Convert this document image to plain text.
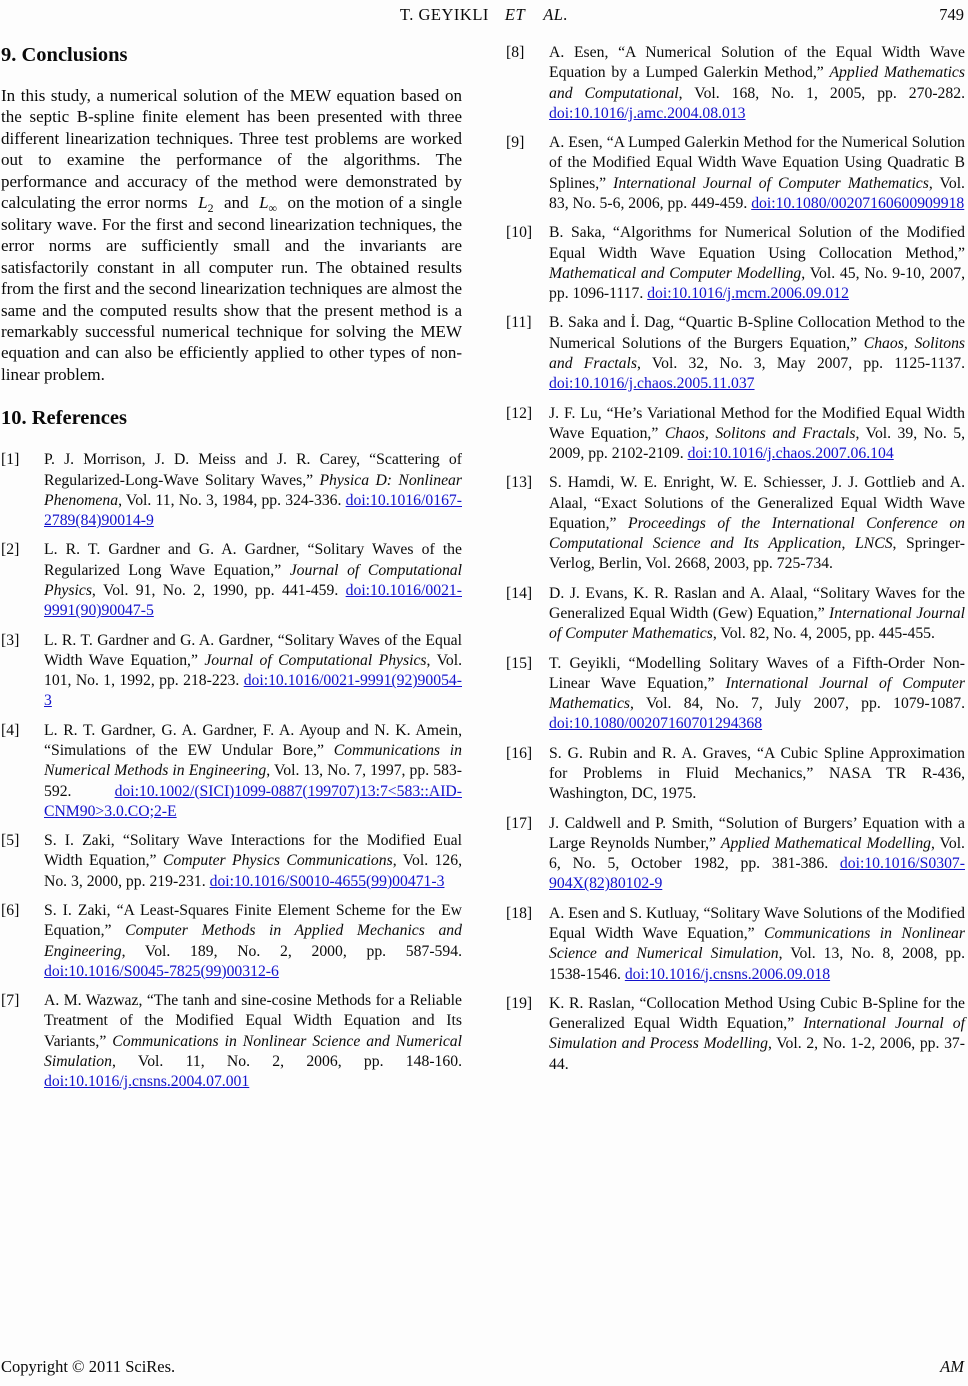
T. GEYIKLI ET AL.	749
9. Conclusions

In this study, a numerical solution of the MEW equation based on the septic B-spline finite element has been presented with three different linearization techniques. Three test problems are worked out to examine the performance of the algorithms. The performance and accuracy of the method were demonstrated by calculating the error norms  L2  and  L∞  on the motion of a single solitary wave. For the first and second linearization techniques, the error norms are sufficiently small and the invariants are satisfactorily constant in all computer run. The obtained results from the first and the second linearization techniques are almost the same and the computed results show that the present method is a remarkably successful numerical technique for solving the MEW equation and can also be efficiently applied to other types of non-linear problem.

10. References
[1] P. J. Morrison, J. D. Meiss and J. R. Carey, “Scattering of Regularized-Long-Wave Solitary Waves,” Physica D: Nonlinear Phenomena, Vol. 11, No. 3, 1984, pp. 324-336. doi:10.1016/0167-2789(84)90014-9
[2] L. R. T. Gardner and G. A. Gardner, “Solitary Waves of the Regularized Long Wave Equation,” Journal of Computational Physics, Vol. 91, No. 2, 1990, pp. 441-459. doi:10.1016/0021-9991(90)90047-5
[3] L. R. T. Gardner and G. A. Gardner, “Solitary Waves of the Equal Width Wave Equation,” Journal of Computational Physics, Vol. 101, No. 1, 1992, pp. 218-223. doi:10.1016/0021-9991(92)90054-3
[4] L. R. T. Gardner, G. A. Gardner, F. A. Ayoup and N. K. Amein, “Simulations of the EW Undular Bore,” Communications in Numerical Methods in Engineering, Vol. 13, No. 7, 1997, pp. 583-592. doi:10.1002/(SICI)1099-0887(199707)13:7<583::AID-CNM90>3.0.CO;2-E
[5] S. I. Zaki, “Solitary Wave Interactions for the Modified Eual Width Equation,” Computer Physics Communications, Vol. 126, No. 3, 2000, pp. 219-231. doi:10.1016/S0010-4655(99)00471-3
[6] S. I. Zaki, “A Least-Squares Finite Element Scheme for the Ew Equation,” Computer Methods in Applied Mechanics and Engineering, Vol. 189, No. 2, 2000, pp. 587-594. doi:10.1016/S0045-7825(99)00312-6
[7] A. M. Wazwaz, “The tanh and sine-cosine Methods for a Reliable Treatment of the Modified Equal Width Equation and Its Variants,” Communications in Nonlinear Science and Numerical Simulation, Vol. 11, No. 2, 2006, pp. 148-160. doi:10.1016/j.cnsns.2004.07.001
[8] A. Esen, “A Numerical Solution of the Equal Width Wave Equation by a Lumped Galerkin Method,” Applied Mathematics and Computational, Vol. 168, No. 1, 2005, pp. 270-282. doi:10.1016/j.amc.2004.08.013
[9] A. Esen, “A Lumped Galerkin Method for the Numerical Solution of the Modified Equal Width Wave Equation Using Quadratic B Splines,” International Journal of Computer Mathematics, Vol. 83, No. 5-6, 2006, pp. 449-459. doi:10.1080/00207160600909918
[10] B. Saka, “Algorithms for Numerical Solution of the Modified Equal Width Wave Equation Using Collocation Method,” Mathematical and Computer Modelling, Vol. 45, No. 9-10, 2007, pp. 1096-1117. doi:10.1016/j.mcm.2006.09.012
[11] B. Saka and İ. Dag, “Quartic B-Spline Collocation Method to the Numerical Solutions of the Burgers Equation,” Chaos, Solitons and Fractals, Vol. 32, No. 3, May 2007, pp. 1125-1137. doi:10.1016/j.chaos.2005.11.037
[12] J. F. Lu, “He’s Variational Method for the Modified Equal Width Wave Equation,” Chaos, Solitons and Fractals, Vol. 39, No. 5, 2009, pp. 2102-2109. doi:10.1016/j.chaos.2007.06.104
[13] S. Hamdi, W. E. Enright, W. E. Schiesser, J. J. Gottlieb and A. Alaal, “Exact Solutions of the Generalized Equal Width Wave Equation,” Proceedings of the International Conference on Computational Science and Its Application, LNCS, Springer-Verlog, Berlin, Vol. 2668, 2003, pp. 725-734.
[14] D. J. Evans, K. R. Raslan and A. Alaal, “Solitary Waves for the Generalized Equal Width (Gew) Equation,” International Journal of Computer Mathematics, Vol. 82, No. 4, 2005, pp. 445-455.
[15] T. Geyikli, “Modelling Solitary Waves of a Fifth-Order Non-Linear Wave Equation,” International Journal of Computer Mathematics, Vol. 84, No. 7, July 2007, pp. 1079-1087. doi:10.1080/00207160701294368
[16] S. G. Rubin and R. A. Graves, “A Cubic Spline Approximation for Problems in Fluid Mechanics,” NASA TR R-436, Washington, DC, 1975.
[17] J. Caldwell and P. Smith, “Solution of Burgers’ Equation with a Large Reynolds Number,” Applied Mathematical Modelling, Vol. 6, No. 5, October 1982, pp. 381-386. doi:10.1016/S0307-904X(82)80102-9
[18] A. Esen and S. Kutluay, “Solitary Wave Solutions of the Modified Equal Width Wave Equation,” Communications in Nonlinear Science and Numerical Simulation, Vol. 13, No. 8, 2008, pp. 1538-1546. doi:10.1016/j.cnsns.2006.09.018
[19] K. R. Raslan, “Collocation Method Using Cubic B-Spline for the Generalized Equal Width Equation,” International Journal of Simulation and Process Modelling, Vol. 2, No. 1-2, 2006, pp. 37-44.
Copyright © 2011 SciRes.	AM
